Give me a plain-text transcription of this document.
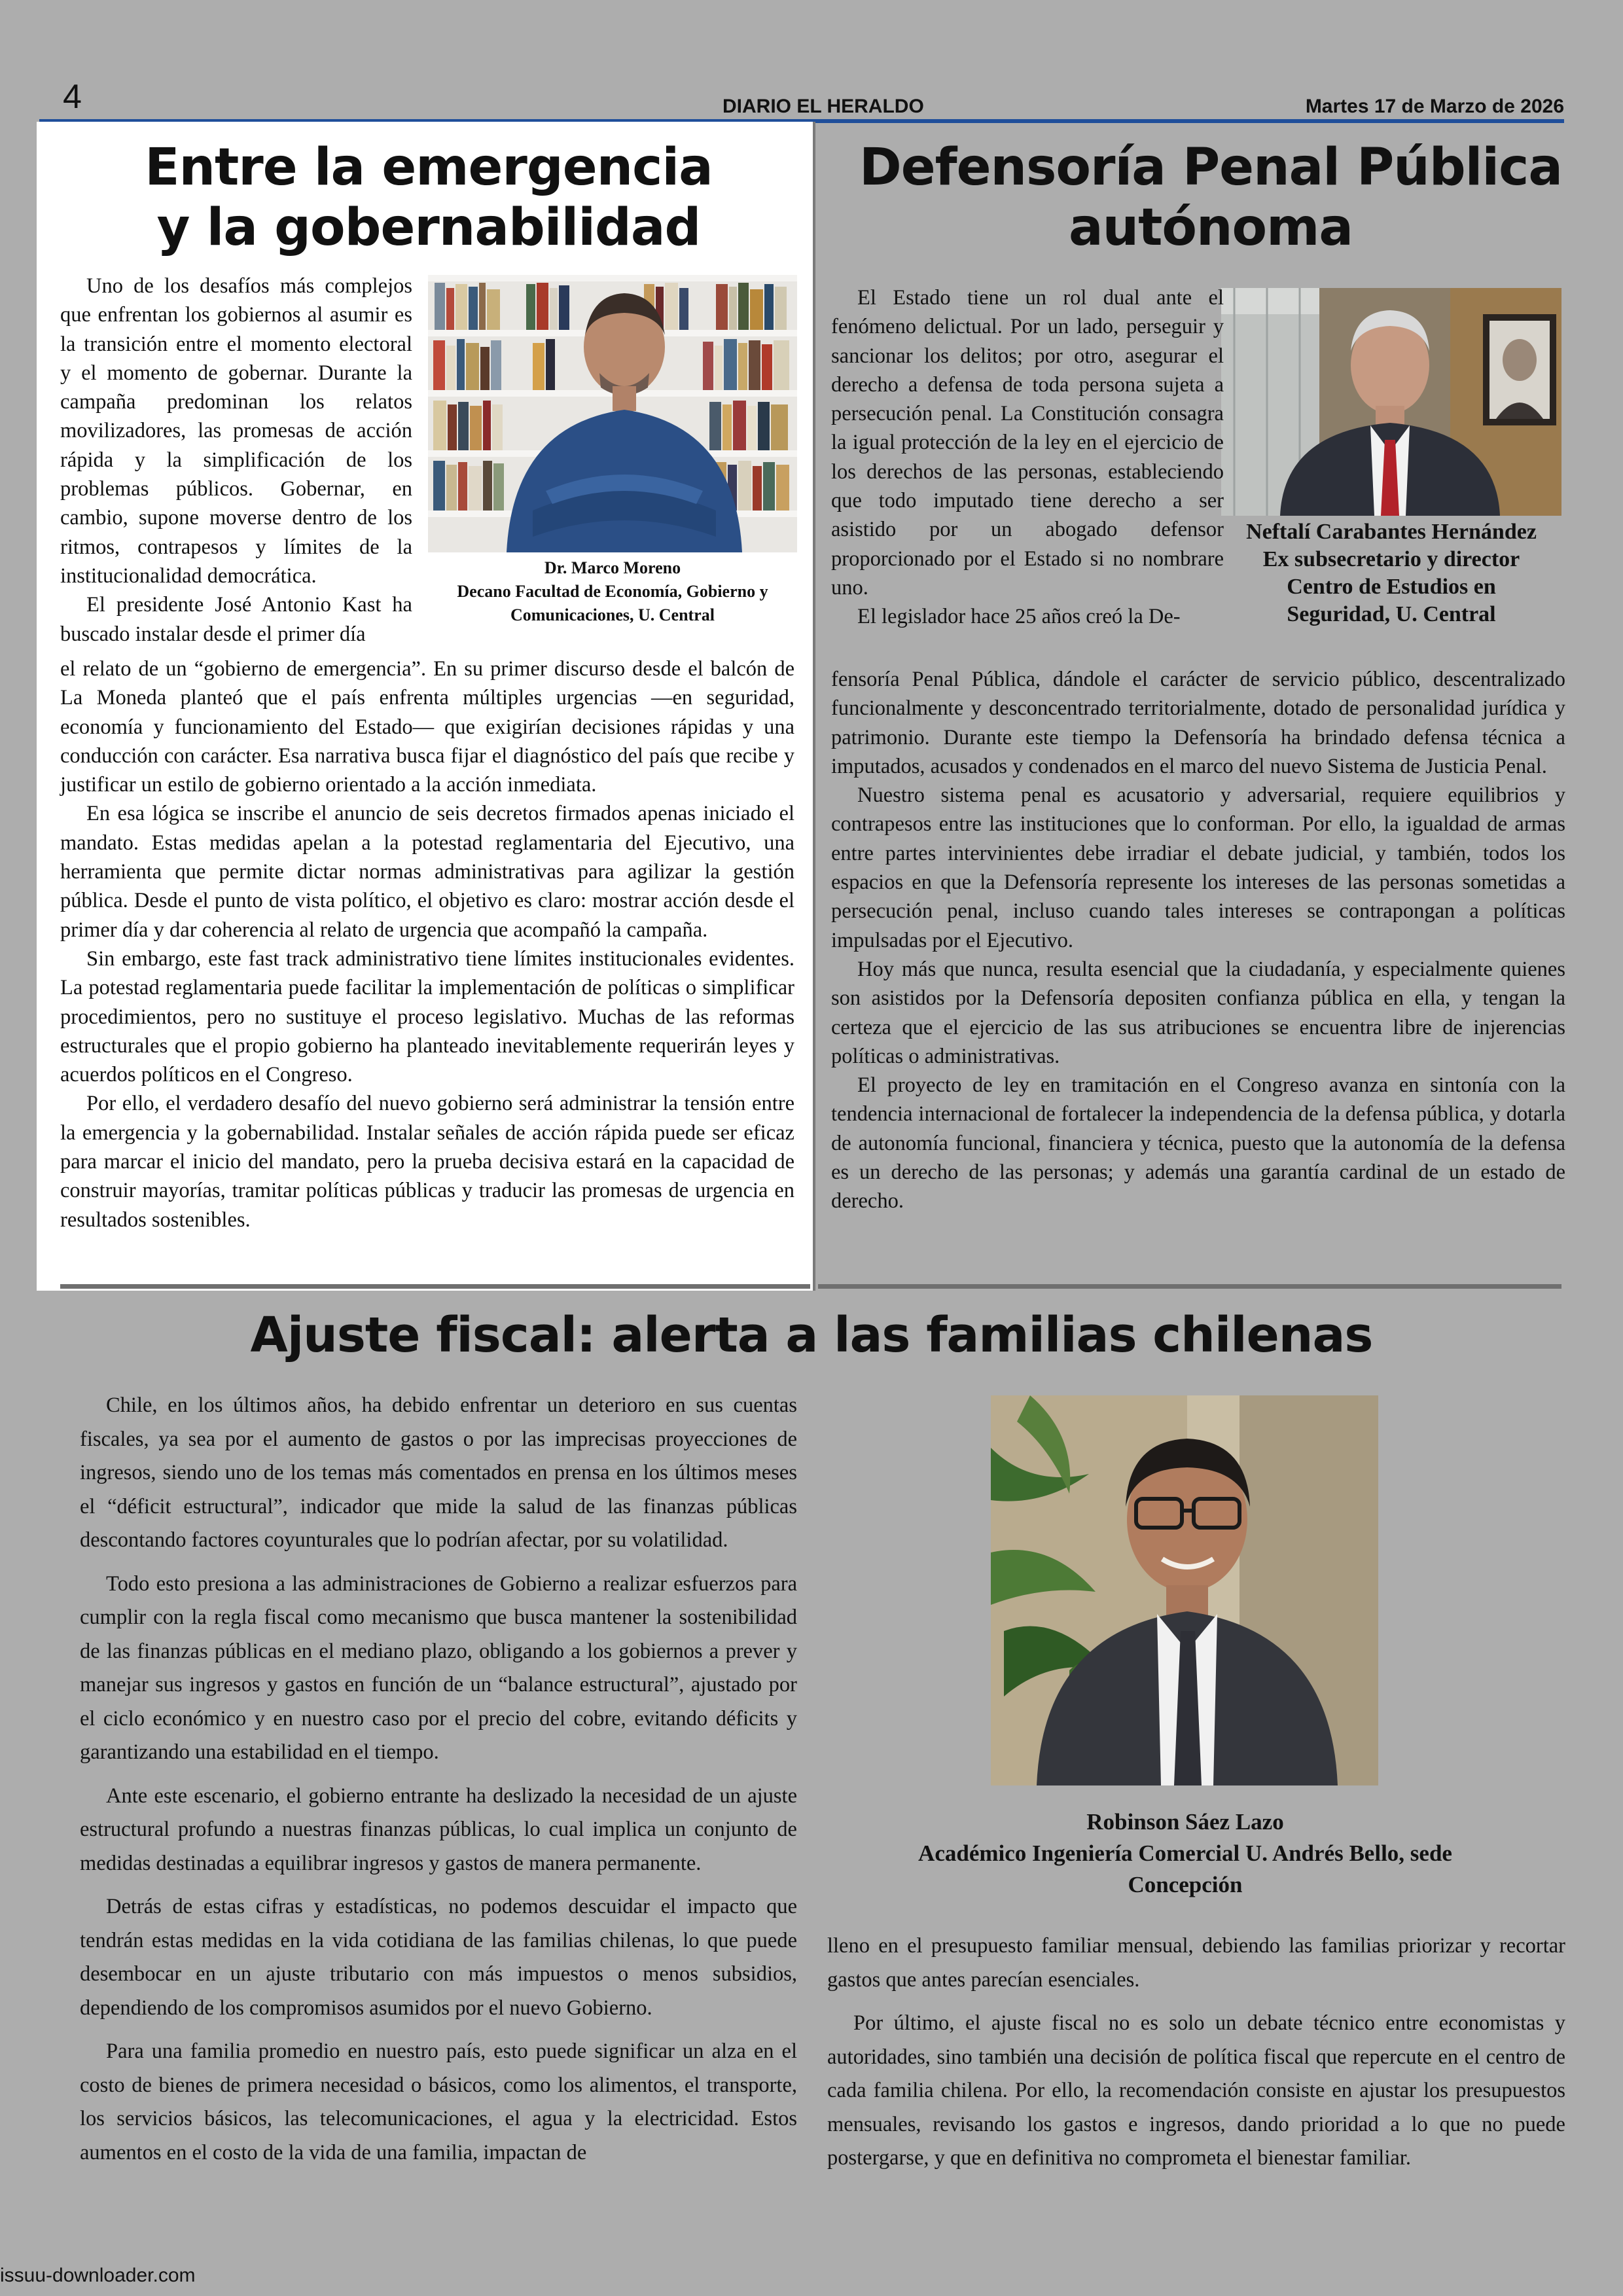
4	DIARIO EL HERALDO	Martes 17 de Marzo de 2026
Entre la emergencia
y la gobernabilidad
Dr. Marco Moreno
Decano Facultad de Economía, Gobierno y
Comunicaciones, U. Central

Uno de los desafíos más complejos que enfrentan los gobiernos al asumir es la transición entre el momento electoral y el momento de gobernar. Durante la campaña predominan los relatos movilizadores, las promesas de acción rápida y la simplificación de los problemas públicos. Gobernar, en cambio, supone moverse dentro de los ritmos, contrapesos y límites de la institucionalidad democrática.

El presidente José Antonio Kast ha buscado instalar desde el primer día

el relato de un “gobierno de emergencia”. En su primer discurso desde el balcón de La Moneda planteó que el país enfrenta múltiples urgencias —en seguridad, economía y funcionamiento del Estado— que exigirían decisiones rápidas y una conducción con carácter. Esa narrativa busca fijar el diagnóstico del país que recibe y justificar un estilo de gobierno orientado a la acción inmediata.

En esa lógica se inscribe el anuncio de seis decretos firmados apenas iniciado el mandato. Estas medidas apelan a la potestad reglamentaria del Ejecutivo, una herramienta que permite dictar normas administrativas para agilizar la gestión pública. Desde el punto de vista político, el objetivo es claro: mostrar acción desde el primer día y dar coherencia al relato de urgencia que acompañó la campaña.

Sin embargo, este fast track administrativo tiene límites institucionales evidentes. La potestad reglamentaria puede facilitar la implementación de políticas o simplificar procedimientos, pero no sustituye el proceso legislativo. Muchas de las reformas estructurales que el propio gobierno ha planteado inevitablemente requerirán leyes y acuerdos políticos en el Congreso.

Por ello, el verdadero desafío del nuevo gobierno será administrar la tensión entre la emergencia y la gobernabilidad. Instalar señales de acción rápida puede ser eficaz para marcar el inicio del mandato, pero la prueba decisiva estará en la capacidad de construir mayorías, tramitar políticas públicas y traducir las promesas de urgencia en resultados sostenibles.

Defensoría Penal Pública
autónoma
Neftalí Carabantes Hernández
Ex subsecretario y director
Centro de Estudios en
Seguridad, U. Central

El Estado tiene un rol dual ante el fenómeno delictual. Por un lado, perseguir y sancionar los delitos; por otro, asegurar el derecho a defensa de toda persona sujeta a persecución penal. La Constitución consagra la igual protección de la ley en el ejercicio de los derechos de las personas, estableciendo que todo imputado tiene derecho a ser asistido por un abogado defensor proporcionado por el Estado si no nombrare uno.

El legislador hace 25 años creó la De-

fensoría Penal Pública, dándole el carácter de servicio público, descentralizado funcionalmente y desconcentrado territorialmente, dotado de personalidad jurídica y patrimonio. Durante este tiempo la Defensoría ha brindado defensa técnica a imputados, acusados y condenados en el marco del nuevo Sistema de Justicia Penal.

Nuestro sistema penal es acusatorio y adversarial, requiere equilibrios y contrapesos entre las instituciones que lo conforman. Por ello, la igualdad de armas entre partes intervinientes debe irradiar el debate judicial, y también, todos los espacios en que la Defensoría represente los intereses de las personas sometidas a persecución penal, incluso cuando tales intereses se contrapongan a políticas impulsadas por el Ejecutivo.

Hoy más que nunca, resulta esencial que la ciudadanía, y especialmente quienes son asistidos por la Defensoría depositen confianza pública en ella, y tengan la certeza que el ejercicio de las sus atribuciones se encuentra libre de injerencias políticas o administrativas.

El proyecto de ley en tramitación en el Congreso avanza en sintonía con la tendencia internacional de fortalecer la independencia de la defensa pública, y dotarla de autonomía funcional, financiera y técnica, puesto que la autonomía de la defensa es un derecho de las personas; y además una garantía cardinal de un estado de derecho.

Ajuste fiscal: alerta a las familias chilenas

Chile, en los últimos años, ha debido enfrentar un deterioro en sus cuentas fiscales, ya sea por el aumento de gastos o por las imprecisas proyecciones de ingresos, siendo uno de los temas más comentados en prensa en los últimos meses el “déficit estructural”, indicador que mide la salud de las finanzas públicas descontando factores coyunturales que lo podrían afectar, por su volatilidad.

Todo esto presiona a las administraciones de Gobierno a realizar esfuerzos para cumplir con la regla fiscal como mecanismo que busca mantener la sostenibilidad de las finanzas públicas en el mediano plazo, obligando a los gobiernos a prever y manejar sus ingresos y gastos en función de un “balance estructural”, ajustado por el ciclo económico y en nuestro caso por el precio del cobre, evitando déficits y garantizando una estabilidad en el tiempo.

Ante este escenario, el gobierno entrante ha deslizado la necesidad de un ajuste estructural profundo a nuestras finanzas públicas, lo cual implica un conjunto de medidas destinadas a equilibrar ingresos y gastos de manera permanente.

Detrás de estas cifras y estadísticas, no podemos descuidar el impacto que tendrán estas medidas en la vida cotidiana de las familias chilenas, lo que puede desembocar en un ajuste tributario con más impuestos o menos subsidios, dependiendo de los compromisos asumidos por el nuevo Gobierno.

Para una familia promedio en nuestro país, esto puede significar un alza en el costo de bienes de primera necesidad o básicos, como los alimentos, el transporte, los servicios básicos, las telecomunicaciones, el agua y la electricidad. Estos aumentos en el costo de la vida de una familia, impactan de

Robinson Sáez Lazo
Académico Ingeniería Comercial U. Andrés Bello, sede
Concepción

lleno en el presupuesto familiar mensual, debiendo las familias priorizar y recortar gastos que antes parecían esenciales.

Por último, el ajuste fiscal no es solo un debate técnico entre economistas y autoridades, sino también una decisión de política fiscal que repercute en el centro de cada familia chilena. Por ello, la recomendación consiste en ajustar los presupuestos mensuales, revisando los gastos e ingresos, dando prioridad a lo que no puede postergarse, y que en definitiva no comprometa el bienestar familiar.

issuu-downloader.com
